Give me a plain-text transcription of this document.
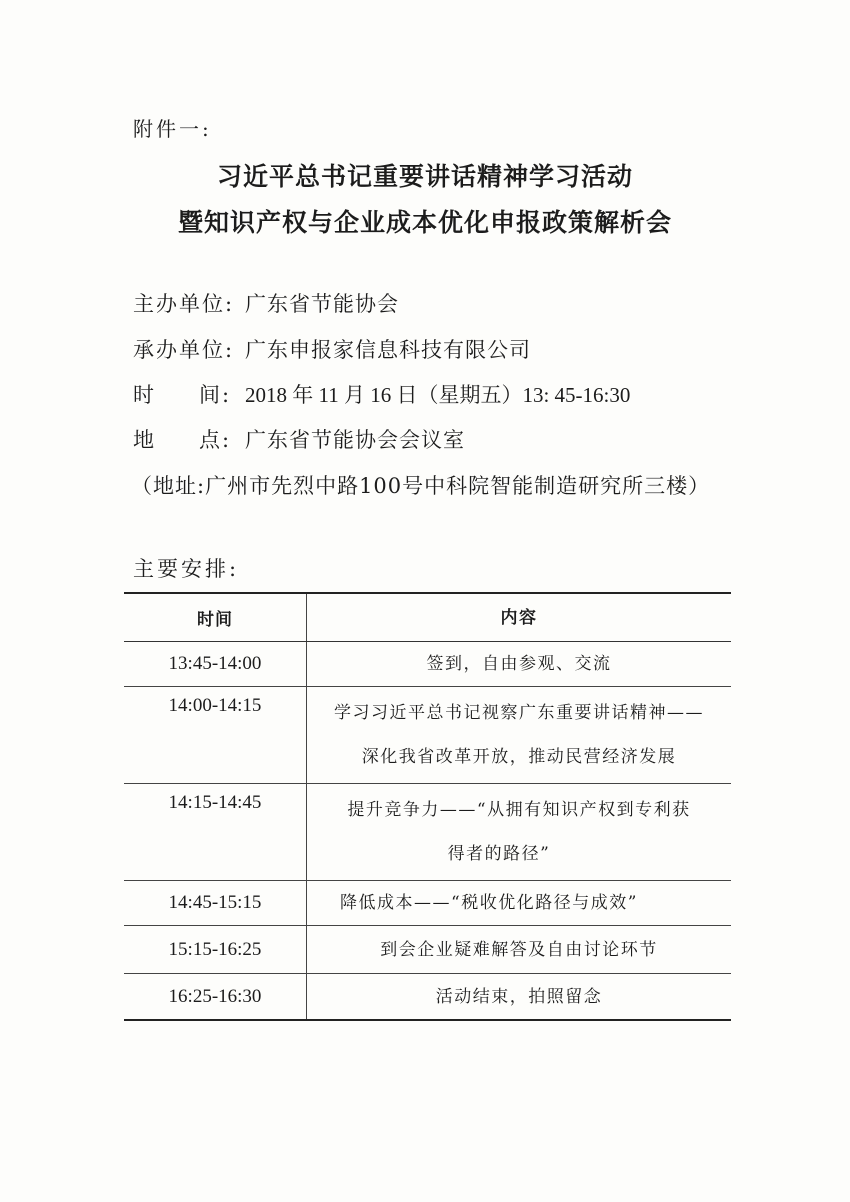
附件一:
习近平总书记重要讲话精神学习活动
暨知识产权与企业成本优化申报政策解析会
主办单位: 广东省节能协会
承办单位: 广东申报家信息科技有限公司
时 间: 2018 年 11 月 16 日（星期五）13: 45-16:30
地 点: 广东省节能协会会议室
（地址:广州市先烈中路100号中科院智能制造研究所三楼）
主要安排:
时间	内容
13:45-14:00	签到，自由参观、交流
14:00-14:15	学习习近平总书记视察广东重要讲话精神——
深化我省改革开放，推动民营经济发展
14:15-14:45	提升竞争力——“从拥有知识产权到专利获
得者的路径”
14:45-15:15	降低成本——“税收优化路径与成效”
15:15-16:25	到会企业疑难解答及自由讨论环节
16:25-16:30	活动结束，拍照留念
